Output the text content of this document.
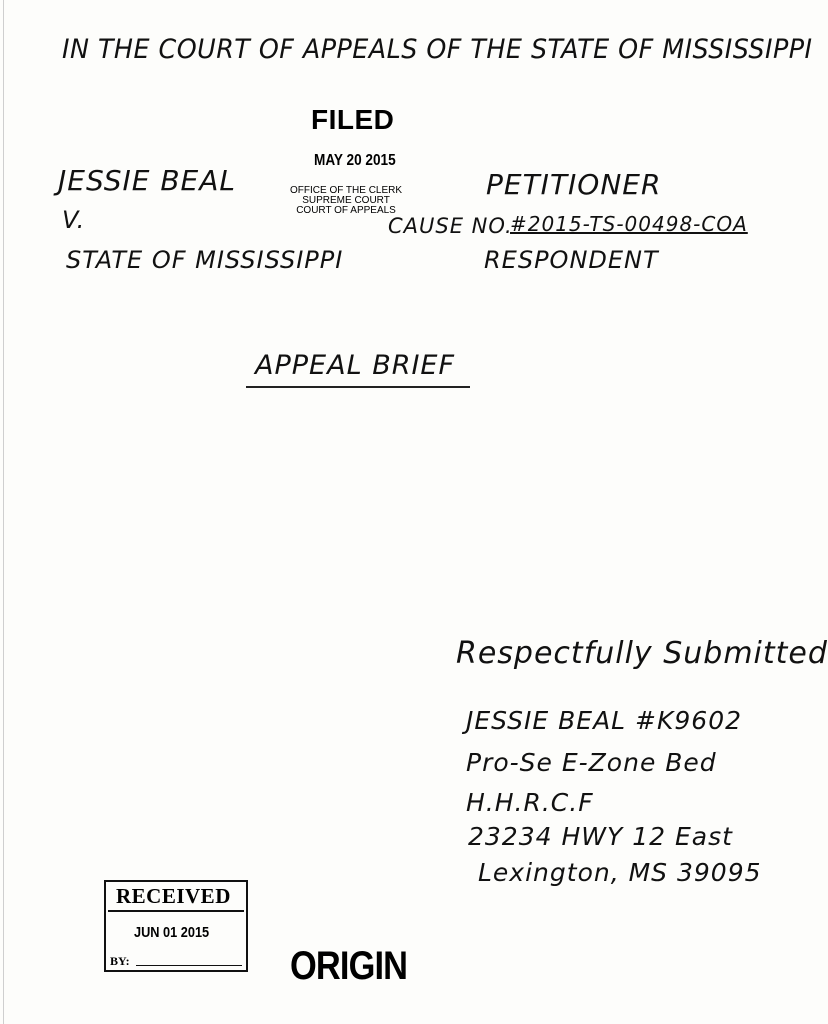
IN THE COURT OF APPEALS OF THE STATE OF MISSISSIPPI
FILED
MAY 20 2015
OFFICE OF THE CLERK
SUPREME COURT
COURT OF APPEALS
JESSIE BEAL
V.
PETITIONER
CAUSE NO.
#2015-TS-00498-COA
STATE OF MISSISSIPPI	RESPONDENT
APPEAL BRIEF
Respectfully Submitted
JESSIE BEAL #K9602
Pro-Se E-Zone Bed
H.H.R.C.F
23234 HWY 12 East
Lexington, MS 39095
RECEIVED
JUN 01 2015
BY:	ORIGIN
